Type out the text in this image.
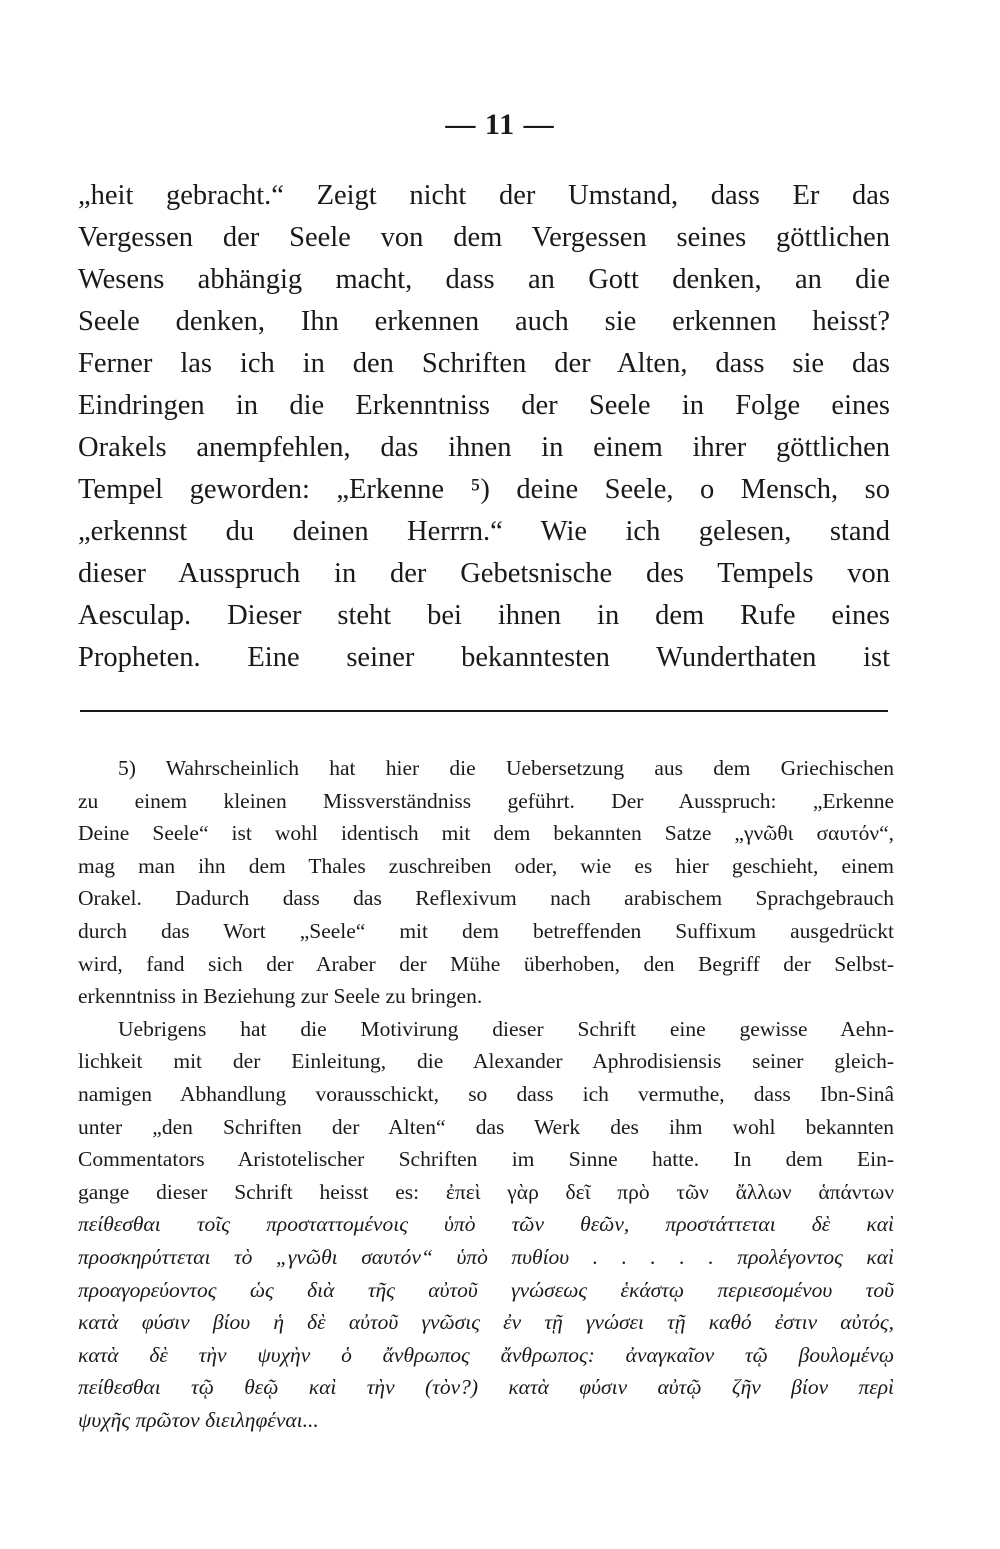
— 11 —
„heit gebracht.“ Zeigt nicht der Umstand, dass Er das
Vergessen der Seele von dem Vergessen seines göttlichen
Wesens abhängig macht, dass an Gott denken, an die
Seele denken, Ihn erkennen auch sie erkennen heisst?
Ferner las ich in den Schriften der Alten, dass sie das
Eindringen in die Erkenntniss der Seele in Folge eines
Orakels anempfehlen, das ihnen in einem ihrer göttlichen
Tempel geworden: „Erkenne ⁵) deine Seele, o Mensch, so
„erkennst du deinen Herrrn.“ Wie ich gelesen, stand
dieser Ausspruch in der Gebetsnische des Tempels von
Aesculap. Dieser steht bei ihnen in dem Rufe eines
Propheten. Eine seiner bekanntesten Wunderthaten ist
5) Wahrscheinlich hat hier die Uebersetzung aus dem Griechischen
zu einem kleinen Missverständniss geführt. Der Ausspruch: „Erkenne
Deine Seele“ ist wohl identisch mit dem bekannten Satze „γνῶθι σαυτόν“,
mag man ihn dem Thales zuschreiben oder, wie es hier geschieht, einem
Orakel. Dadurch dass das Reflexivum nach arabischem Sprachgebrauch
durch das Wort „Seele“ mit dem betreffenden Suffixum ausgedrückt
wird, fand sich der Araber der Mühe überhoben, den Begriff der Selbst-
erkenntniss in Beziehung zur Seele zu bringen.
Uebrigens hat die Motivirung dieser Schrift eine gewisse Aehn-
lichkeit mit der Einleitung, die Alexander Aphrodisiensis seiner gleich-
namigen Abhandlung vorausschickt, so dass ich vermuthe, dass Ibn-Sinâ
unter „den Schriften der Alten“ das Werk des ihm wohl bekannten
Commentators Aristotelischer Schriften im Sinne hatte. In dem Ein-
gange dieser Schrift heisst es: ἐπεὶ γὰρ δεῖ πρὸ τῶν ἄλλων ἁπάντων
πείθεσθαι τοῖς προσταττομένοις ὑπὸ τῶν θεῶν, προστάττεται δὲ καὶ
προσκηρύττεται τὸ „γνῶθι σαυτόν“ ὑπὸ πυθίου . . . . . προλέγοντος καὶ
προαγορεύοντος ὡς διὰ τῆς αὐτοῦ γνώσεως ἑκάστῳ περιεσομένου τοῦ
κατὰ φύσιν βίου ἡ δὲ αὐτοῦ γνῶσις ἐν τῇ γνώσει τῇ καθό ἐστιν αὐτός,
κατὰ δὲ τὴν ψυχὴν ὁ ἄνθρωπος ἄνθρωπος: ἀναγκαῖον τῷ βουλομένῳ
πείθεσθαι τῷ θεῷ καὶ τὴν (τὸν?) κατὰ φύσιν αὐτῷ ζῆν βίον περὶ
ψυχῆς πρῶτον διειληφέναι...
